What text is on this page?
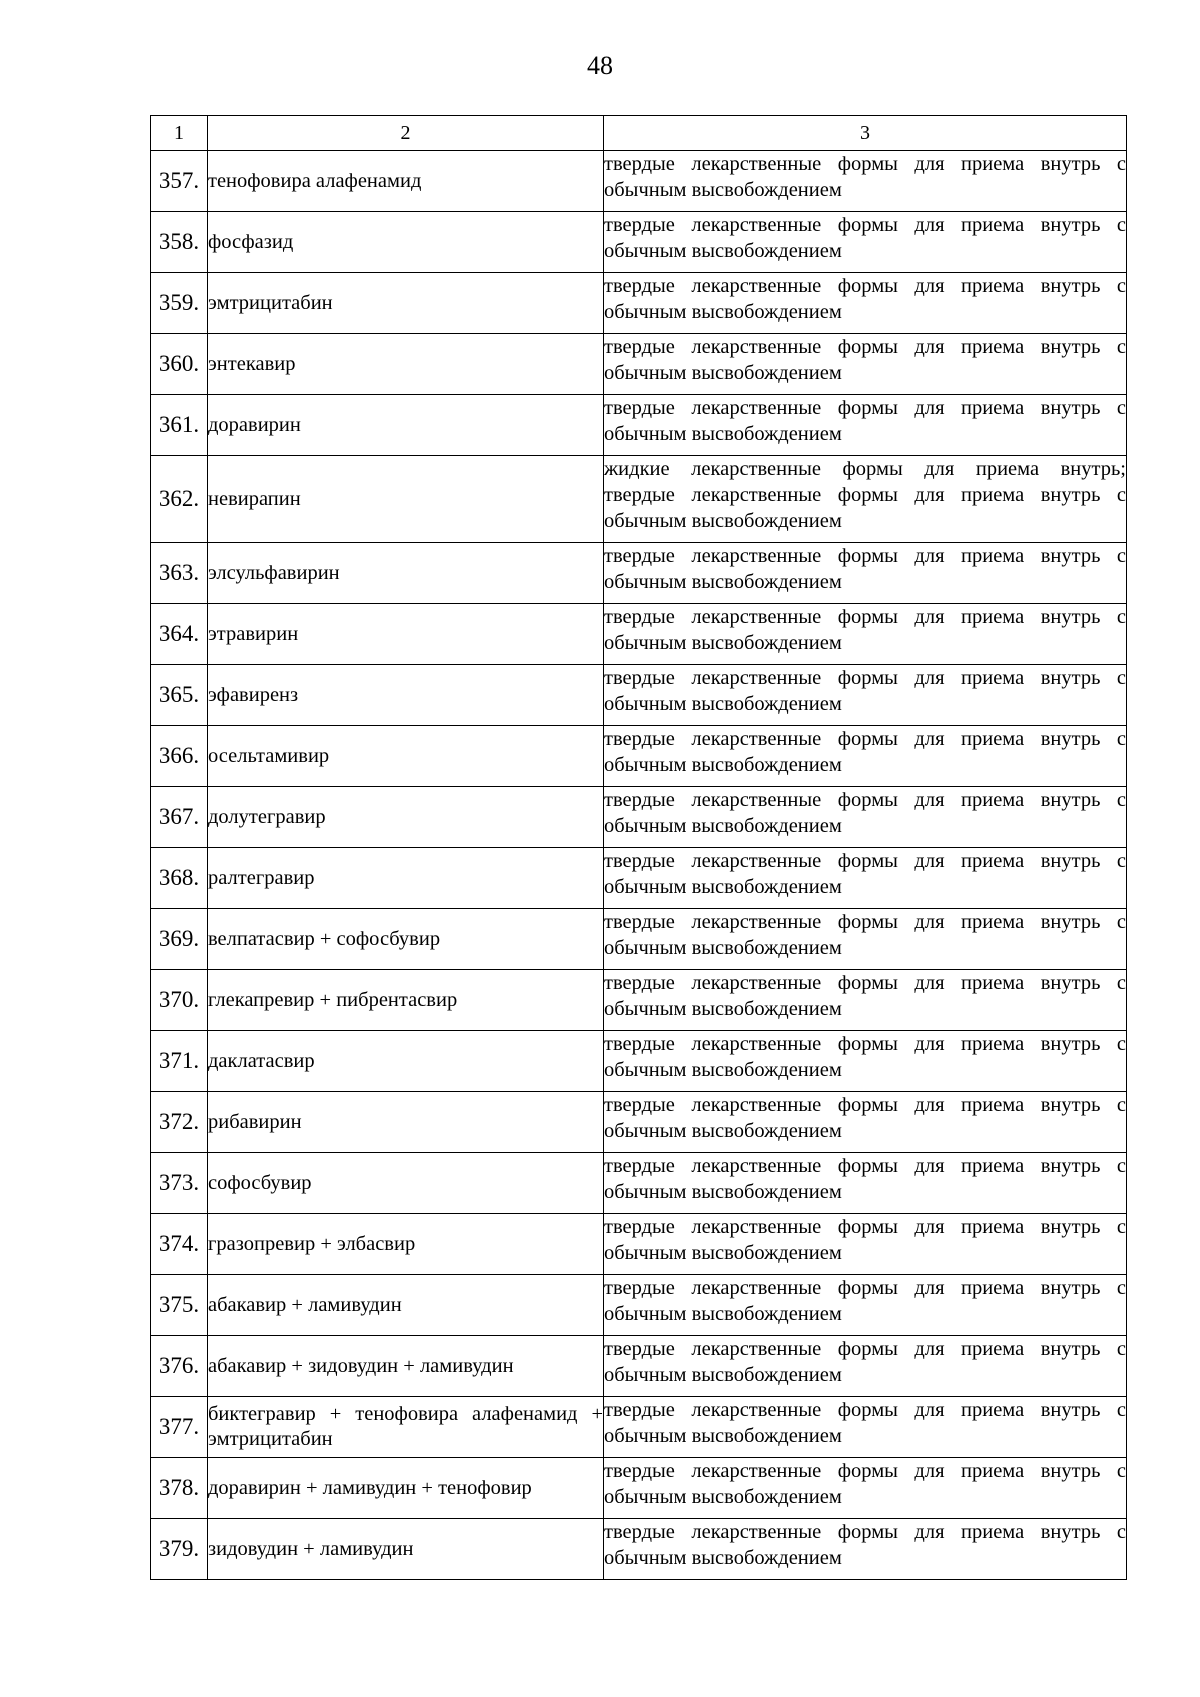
48
1	2	3
357.	тенофовира алафенамид	твердые лекарственные формы для приема внутрь с
обычным высвобождением

358.	фосфазид	твердые лекарственные формы для приема внутрь с
обычным высвобождением

359.	эмтрицитабин	твердые лекарственные формы для приема внутрь с
обычным высвобождением

360.	энтекавир	твердые лекарственные формы для приема внутрь с
обычным высвобождением

361.	доравирин	твердые лекарственные формы для приема внутрь с
обычным высвобождением

362.	невирапин	жидкие лекарственные формы для приема внутрь;
твердые лекарственные формы для приема внутрь с
обычным высвобождением

363.	элсульфавирин	твердые лекарственные формы для приема внутрь с
обычным высвобождением

364.	этравирин	твердые лекарственные формы для приема внутрь с
обычным высвобождением

365.	эфавиренз	твердые лекарственные формы для приема внутрь с
обычным высвобождением

366.	осельтамивир	твердые лекарственные формы для приема внутрь с
обычным высвобождением

367.	долутегравир	твердые лекарственные формы для приема внутрь с
обычным высвобождением

368.	ралтегравир	твердые лекарственные формы для приема внутрь с
обычным высвобождением

369.	велпатасвир + софосбувир	твердые лекарственные формы для приема внутрь с
обычным высвобождением

370.	глекапревир + пибрентасвир	твердые лекарственные формы для приема внутрь с
обычным высвобождением

371.	даклатасвир	твердые лекарственные формы для приема внутрь с
обычным высвобождением

372.	рибавирин	твердые лекарственные формы для приема внутрь с
обычным высвобождением

373.	софосбувир	твердые лекарственные формы для приема внутрь с
обычным высвобождением

374.	гразопревир + элбасвир	твердые лекарственные формы для приема внутрь с
обычным высвобождением

375.	абакавир + ламивудин	твердые лекарственные формы для приема внутрь с
обычным высвобождением

376.	абакавир + зидовудин + ламивудин	твердые лекарственные формы для приема внутрь с
обычным высвобождением

377.	биктегравир + тенофовира алафенамид + эмтрицитабин	твердые лекарственные формы для приема внутрь с
обычным высвобождением

378.	доравирин + ламивудин + тенофовир	твердые лекарственные формы для приема внутрь с
обычным высвобождением

379.	зидовудин + ламивудин	твердые лекарственные формы для приема внутрь с
обычным высвобождением
